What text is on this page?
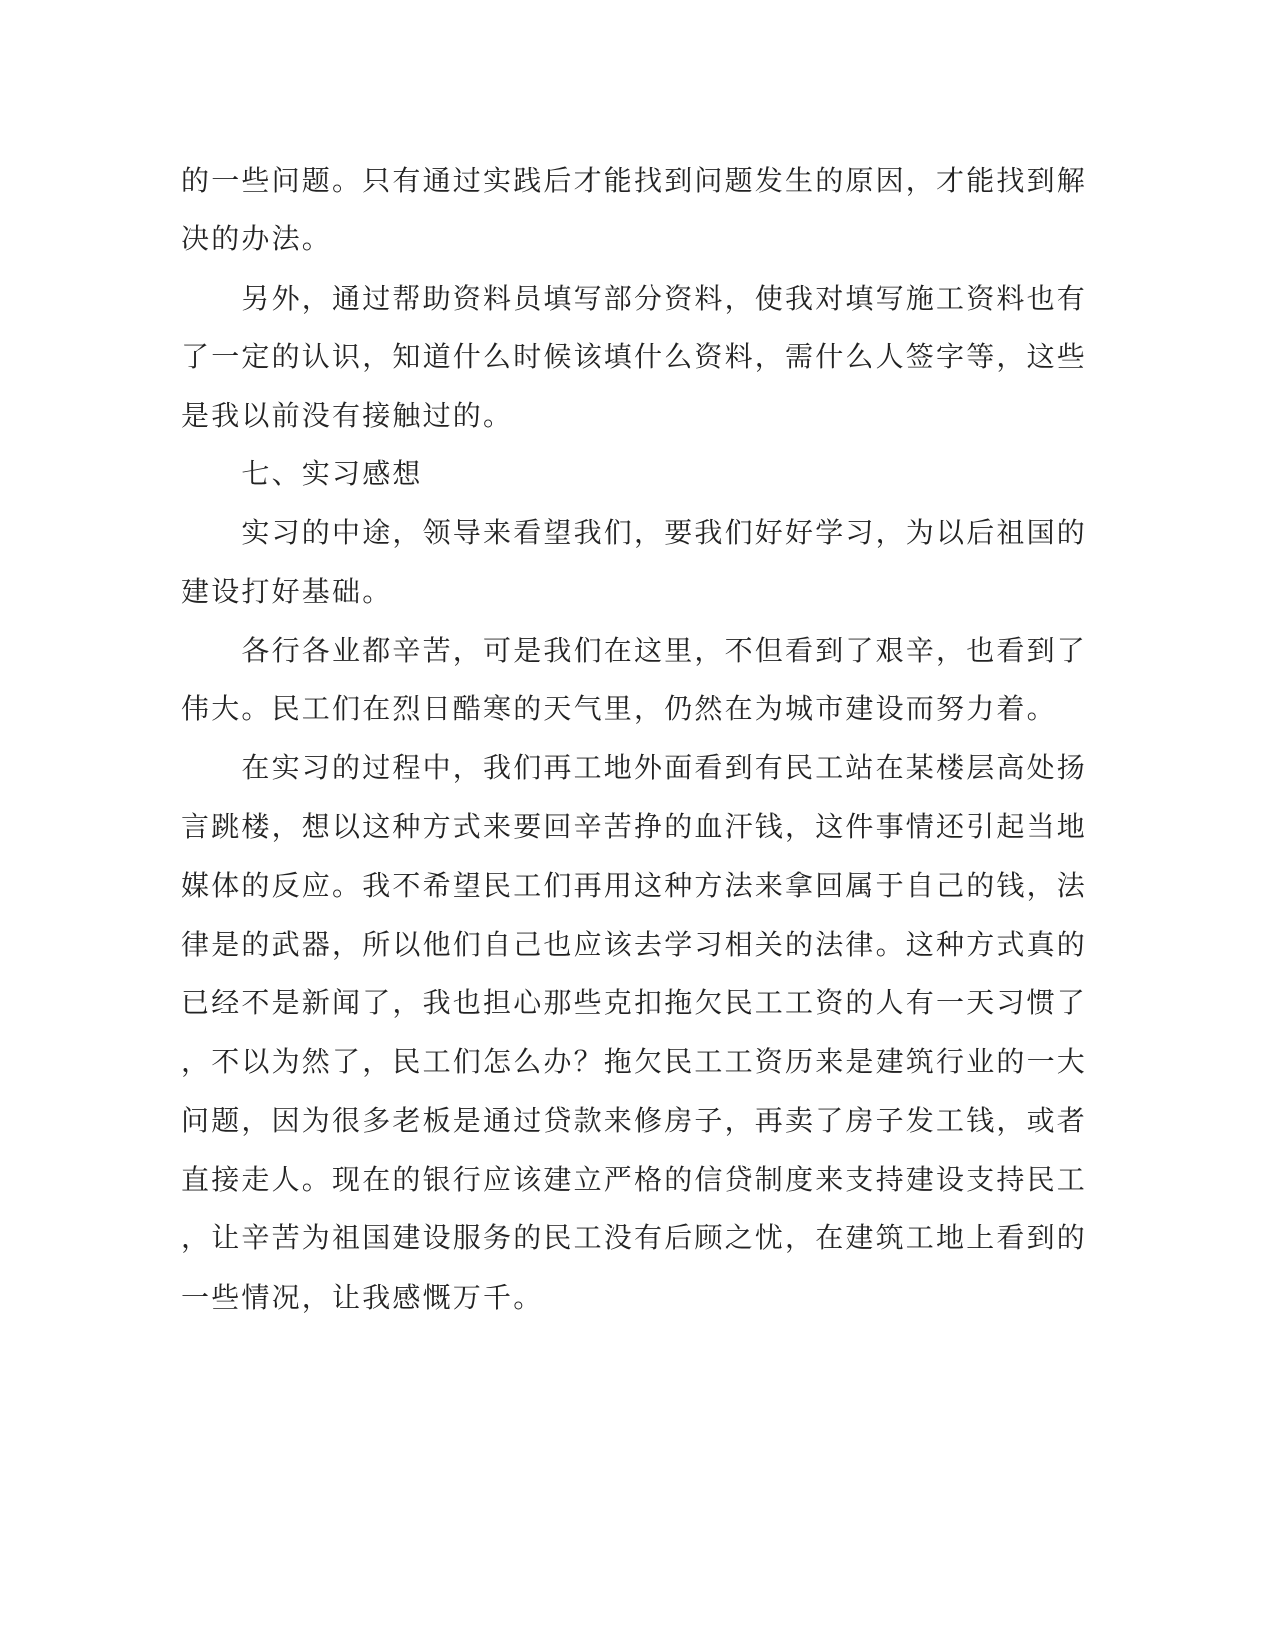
的一些问题。只有通过实践后才能找到问题发生的原因，才能找到解
决的办法。
　　另外，通过帮助资料员填写部分资料，使我对填写施工资料也有
了一定的认识，知道什么时候该填什么资料，需什么人签字等，这些
是我以前没有接触过的。
　　七、实习感想
　　实习的中途，领导来看望我们，要我们好好学习，为以后祖国的
建设打好基础。
　　各行各业都辛苦，可是我们在这里，不但看到了艰辛，也看到了
伟大。民工们在烈日酷寒的天气里，仍然在为城市建设而努力着。
　　在实习的过程中，我们再工地外面看到有民工站在某楼层高处扬
言跳楼，想以这种方式来要回辛苦挣的血汗钱，这件事情还引起当地
媒体的反应。我不希望民工们再用这种方法来拿回属于自己的钱，法
律是的武器，所以他们自己也应该去学习相关的法律。这种方式真的
已经不是新闻了，我也担心那些克扣拖欠民工工资的人有一天习惯了
，不以为然了，民工们怎么办？拖欠民工工资历来是建筑行业的一大
问题，因为很多老板是通过贷款来修房子，再卖了房子发工钱，或者
直接走人。现在的银行应该建立严格的信贷制度来支持建设支持民工
，让辛苦为祖国建设服务的民工没有后顾之忧，在建筑工地上看到的
一些情况，让我感慨万千。
